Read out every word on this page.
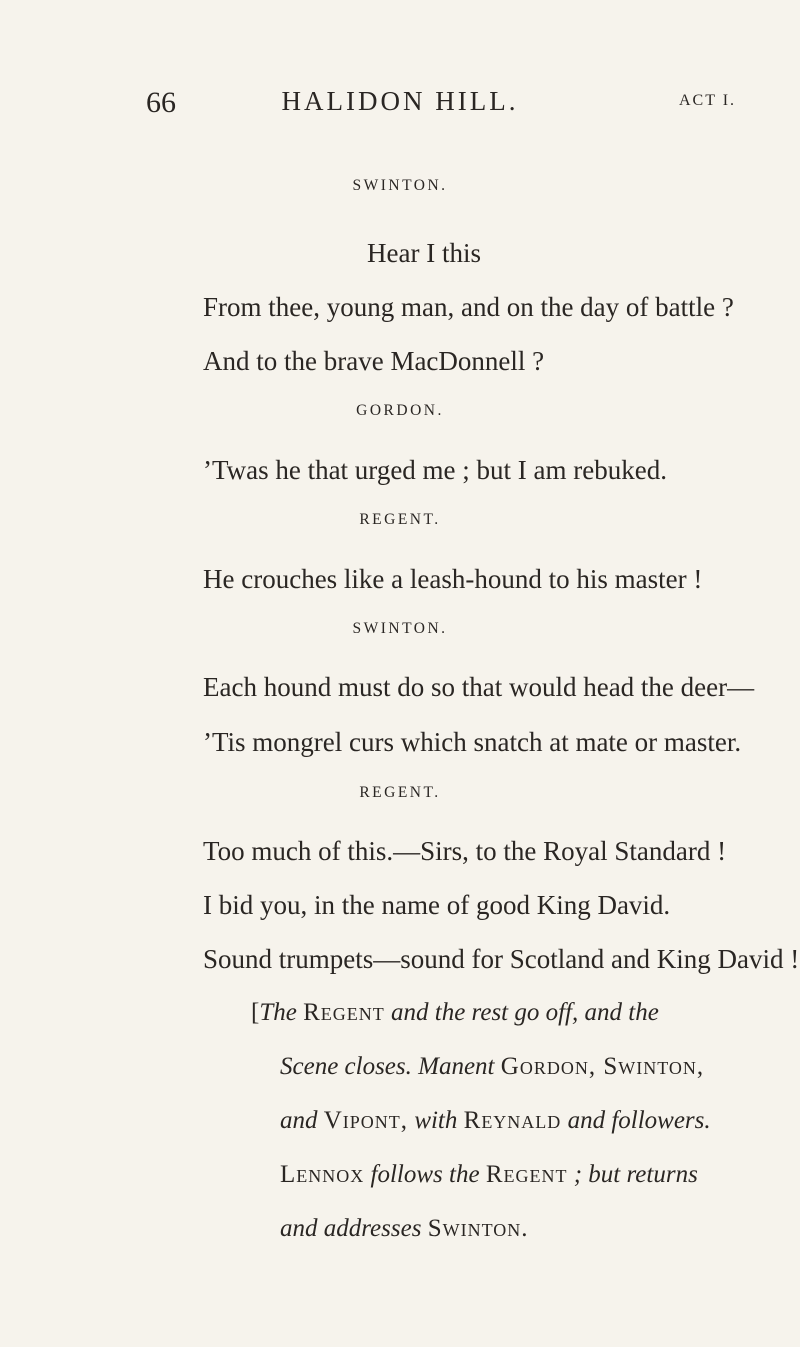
66	HALIDON HILL.	ACT I.
SWINTON.
Hear I this
From thee, young man, and on the day of battle ?
And to the brave MacDonnell ?
GORDON.
’Twas he that urged me ; but I am rebuked.
REGENT.
He crouches like a leash-hound to his master !
SWINTON.
Each hound must do so that would head the deer—
’Tis mongrel curs which snatch at mate or master.
REGENT.
Too much of this.—Sirs, to the Royal Standard !
I bid you, in the name of good King David.
Sound trumpets—sound for Scotland and King David !
[The Regent and the rest go off, and the
Scene closes. Manent Gordon, Swinton,
and Vipont, with Reynald and followers.
Lennox follows the Regent ; but returns
and addresses Swinton.
